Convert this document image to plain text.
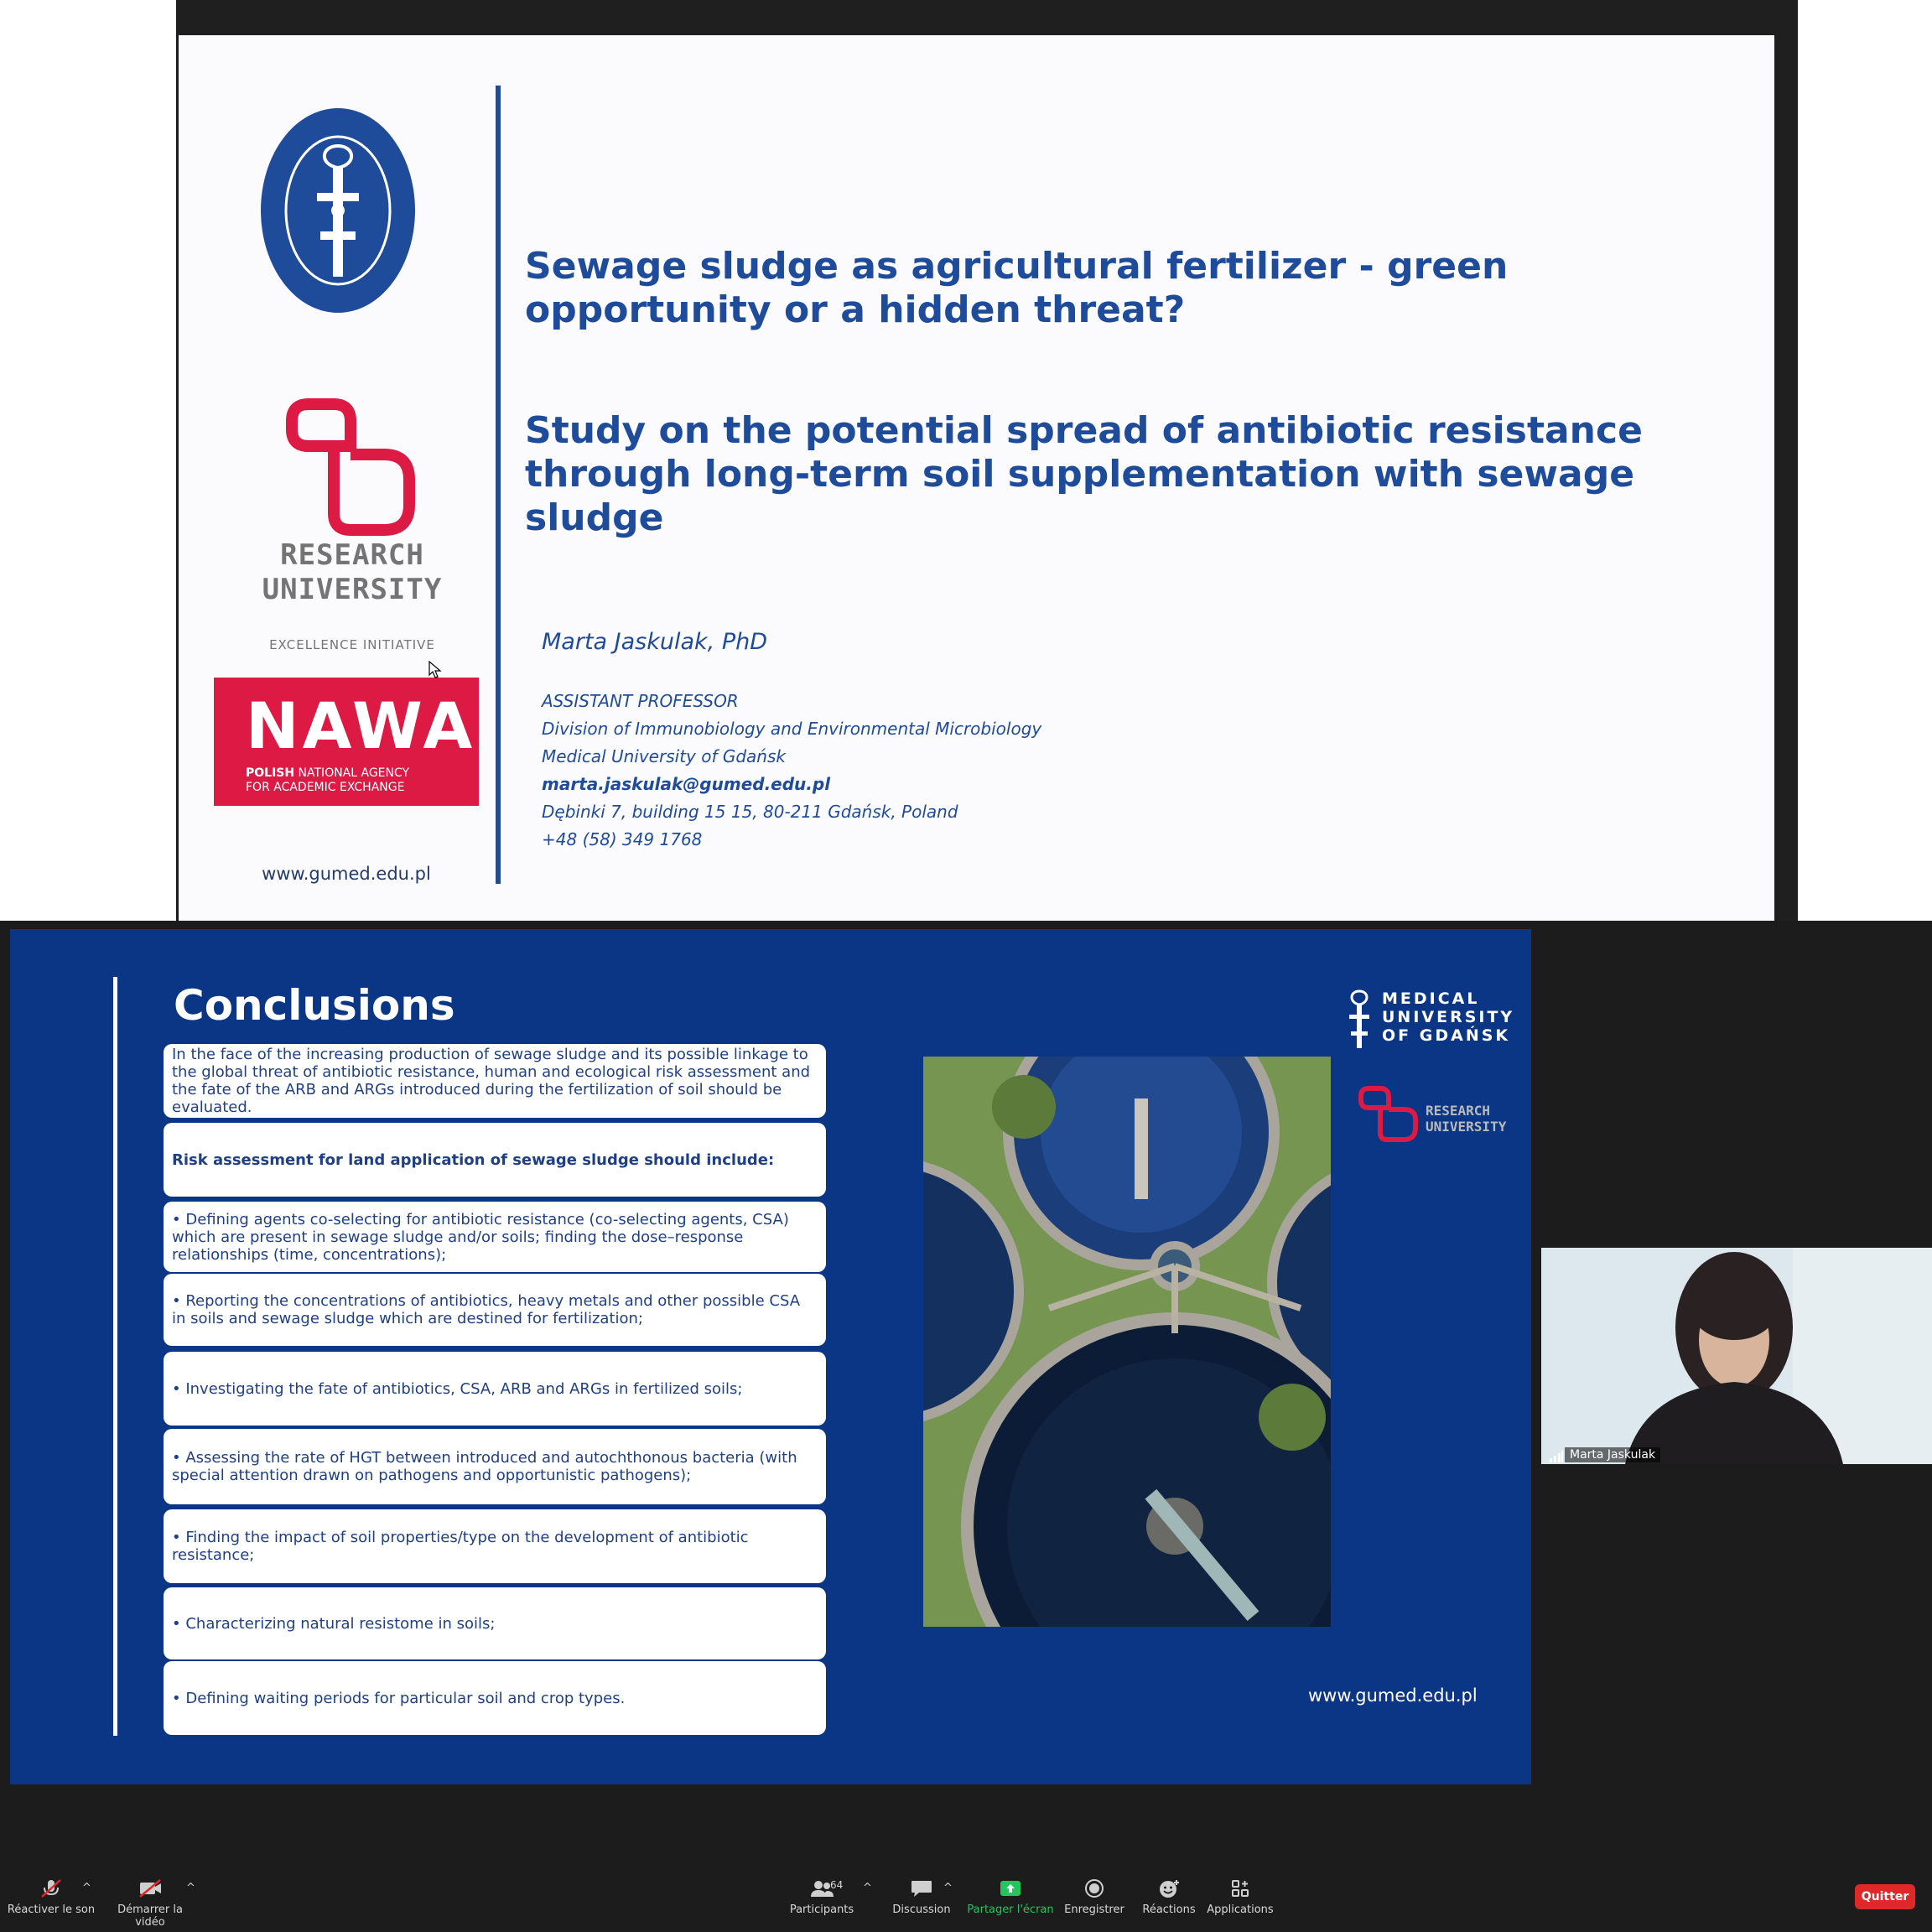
RESEARCH
UNIVERSITY
EXCELLENCE INITIATIVE
NAWA
POLISH NATIONAL AGENCY
FOR ACADEMIC EXCHANGE
www.gumed.edu.pl
Sewage sludge as agricultural fertilizer - green opportunity or a hidden threat?
Study on the potential spread of antibiotic resistance through long-term soil supplementation with sewage sludge
Marta Jaskulak, PhD
ASSISTANT PROFESSOR
Division of Immunobiology and Environmental Microbiology
Medical University of Gdańsk
marta.jaskulak@gumed.edu.pl
Dębinki 7, building 15 15, 80-211 Gdańsk, Poland
+48 (58) 349 1768
Conclusions
In the face of the increasing production of sewage sludge and its possible linkage to the global threat of antibiotic resistance, human and ecological risk assessment and the fate of the ARB and ARGs introduced during the fertilization of soil should be evaluated.
Risk assessment for land application of sewage sludge should include:
• Defining agents co-selecting for antibiotic resistance (co-selecting agents, CSA) which are present in sewage sludge and/or soils; finding the dose–response relationships (time, concentrations);
• Reporting the concentrations of antibiotics, heavy metals and other possible CSA in soils and sewage sludge which are destined for fertilization;
• Investigating the fate of antibiotics, CSA, ARB and ARGs in fertilized soils;
• Assessing the rate of HGT between introduced and autochthonous bacteria (with special attention drawn on pathogens and opportunistic pathogens);
• Finding the impact of soil properties/type on the development of antibiotic resistance;
• Characterizing natural resistome in soils;
• Defining waiting periods for particular soil and crop types.
MEDICAL
UNIVERSITY
OF GDAŃSK
RESEARCH
UNIVERSITY
www.gumed.edu.pl
Marta Jaskulak
Réactiver le son
^
Démarrer la vidéo
^
Participants
64 ^
Discussion
^
Partager l'écran Enregistrer	Réactions	Applications
Quitter
